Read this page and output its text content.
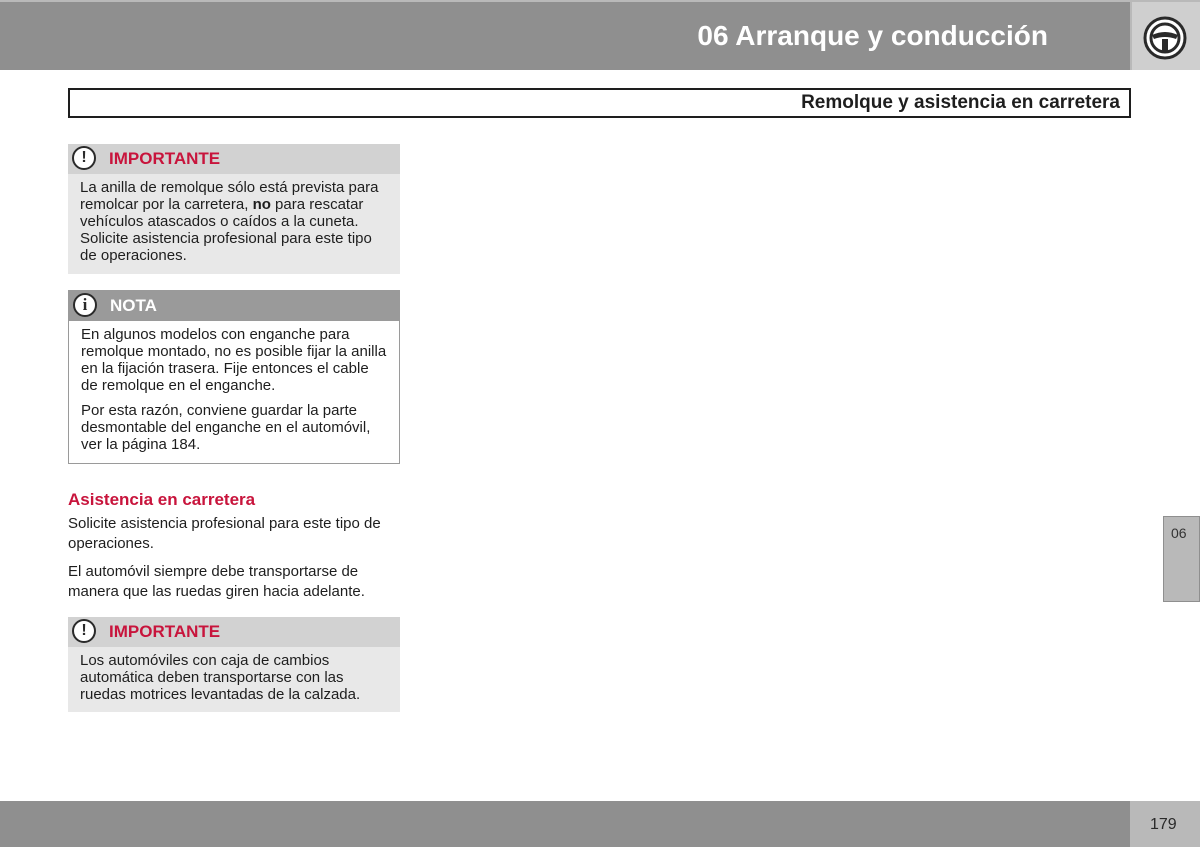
06 Arranque y conducción
Remolque y asistencia en carretera
!	IMPORTANTE

La anilla de remolque sólo está prevista para remolcar por la carretera, no para rescatar vehículos atascados o caídos a la cuneta. Solicite asistencia profesional para este tipo de operaciones.

i	NOTA

En algunos modelos con enganche para remolque montado, no es posible fijar la anilla en la fijación trasera. Fije entonces el cable de remolque en el enganche.

Por esta razón, conviene guardar la parte desmontable del enganche en el automóvil, ver la página 184.

Asistencia en carretera

Solicite asistencia profesional para este tipo de operaciones.

El automóvil siempre debe transportarse de manera que las ruedas giren hacia adelante.

!	IMPORTANTE

Los automóviles con caja de cambios automática deben transportarse con las ruedas motrices levantadas de la calzada.

06
179
